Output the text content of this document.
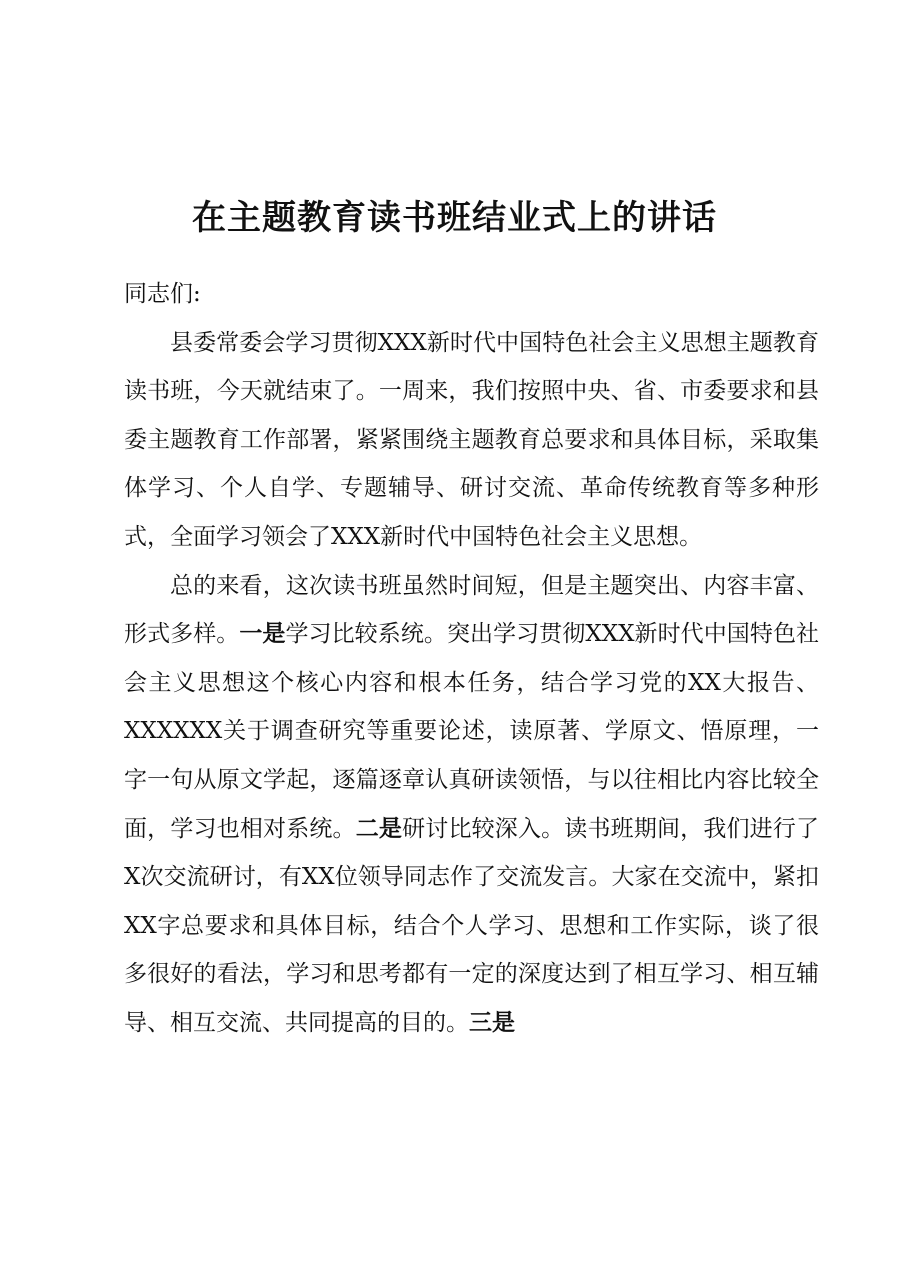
在主题教育读书班结业式上的讲话

同志们:

县委常委会学习贯彻XXX新时代中国特色社会主义思想主题教育读书班，今天就结束了。一周来，我们按照中央、省、市委要求和县委主题教育工作部署，紧紧围绕主题教育总要求和具体目标，采取集体学习、个人自学、专题辅导、研讨交流、革命传统教育等多种形式，全面学习领会了XXX新时代中国特色社会主义思想。

总的来看，这次读书班虽然时间短，但是主题突出、内容丰富、形式多样。一是学习比较系统。突出学习贯彻XXX新时代中国特色社会主义思想这个核心内容和根本任务，结合学习党的XX大报告、XXXXXX关于调查研究等重要论述，读原著、学原文、悟原理，一字一句从原文学起，逐篇逐章认真研读领悟，与以往相比内容比较全面，学习也相对系统。二是研讨比较深入。读书班期间，我们进行了X次交流研讨，有XX位领导同志作了交流发言。大家在交流中，紧扣XX字总要求和具体目标，结合个人学习、思想和工作实际，谈了很多很好的看法，学习和思考都有一定的深度达到了相互学习、相互辅导、相互交流、共同提高的目的。三是
